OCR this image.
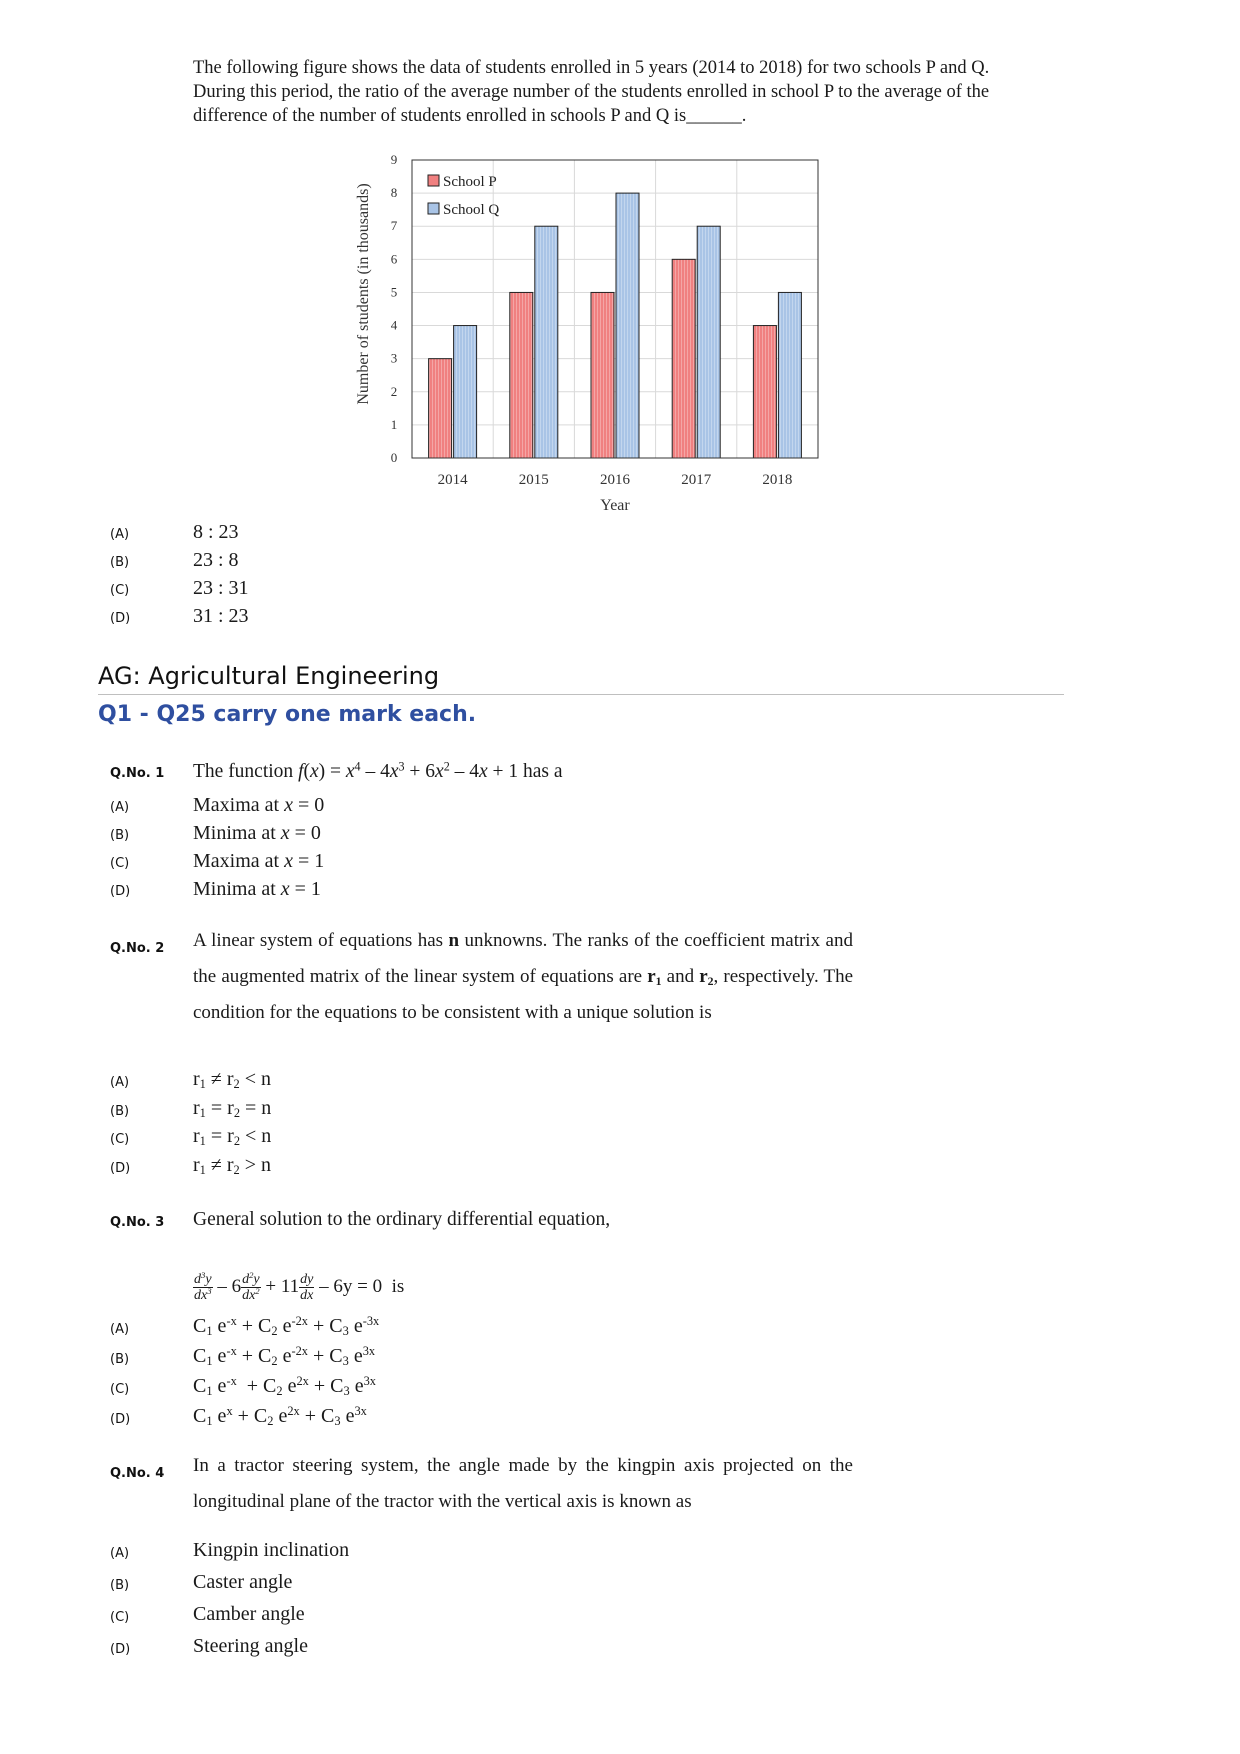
The following figure shows the data of students enrolled in 5 years (2014 to 2018) for two schools P and Q. During this period, the ratio of the average number of the students enrolled in school P to the average of the difference of the number of students enrolled in schools P and Q is______.
0
1
2
3
4
5
6
7
8
9
2014	2015	2016	2017	2018
School P
School Q
Year
Number of students (in thousands)
(A)	8 : 23
(B)	23 : 8
(C)	23 : 31
(D)	31 : 23
AG: Agricultural Engineering
Q1 - Q25 carry one mark each.
Q.No. 1 The function $f(x) = x^4 - 4x^3 + 6x^2 - 4x + 1$ has a
(A)	Maxima at x = 0
(B)	Minima at x = 0
(C)	Maxima at x = 1
(D)	Minima at x = 1
Q.No. 2 A linear system of equations has n unknowns. The ranks of the coefficient matrix and the augmented matrix of the linear system of equations are $r_1$ and $r_2$, respectively. The condition for the equations to be consistent with a unique solution is
(A)	$r_1 \ne r_2 < n$
(B)	$r_1 = r_2 = n$
(C)	$r_1 = r_2 < n$
(D)	$r_1 \ne r_2 > n$
Q.No. 3 General solution to the ordinary differential equation,
$\frac{d^3y}{dx^3} - 6 \frac{d^2y}{dx^2} + 11 \frac{dy}{dx} - 6y = 0$  is
(A)	$C_1$ $e^{-x} + C_2$ $e^{-2x} + C_3$ $e^{-3x}$
(B)	$C_1$ $e^{-x} + C_2$ $e^{-2x} + C_3$ $e^{3x}$
(C)	$C_1$ $e^{-x} + C_2$ $e^{2x} + C_3$ $e^{3x}$
(D)	$C_1$ $e^x + C_2$ $e^{2x} + C_3$ $e^{3x}$
Q.No. 4 In a tractor steering system, the angle made by the kingpin axis projected on the longitudinal plane of the tractor with the vertical axis is known as
(A)	Kingpin inclination
(B)	Caster angle
(C)	Camber angle
(D)	Steering angle
